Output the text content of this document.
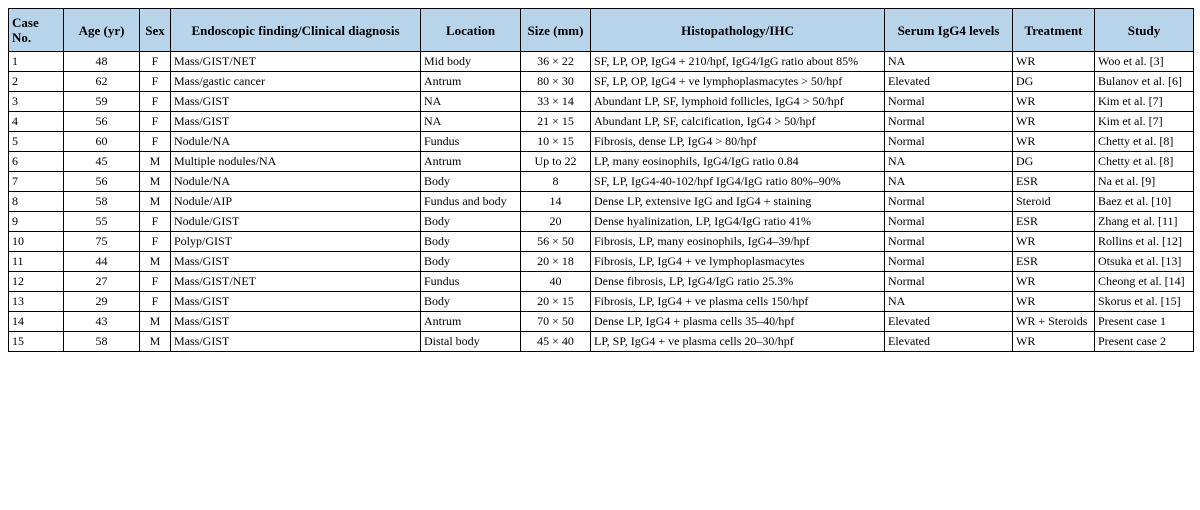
Case No.	Age (yr)	Sex	Endoscopic finding/Clinical diagnosis	Location	Size (mm)	Histopathology/IHC	Serum IgG4 levels	Treatment	Study
1	48	F	Mass/GIST/NET	Mid body	36 × 22	SF, LP, OP, IgG4 + 210/hpf, IgG4/IgG ratio about 85%	NA	WR	Woo et al. [3]
2	62	F	Mass/gastic cancer	Antrum	80 × 30	SF, LP, OP, IgG4 + ve lymphoplasmacytes > 50/hpf	Elevated	DG	Bulanov et al. [6]
3	59	F	Mass/GIST	NA	33 × 14	Abundant LP, SF, lymphoid follicles, IgG4 > 50/hpf	Normal	WR	Kim et al. [7]
4	56	F	Mass/GIST	NA	21 × 15	Abundant LP, SF, calcification, IgG4 > 50/hpf	Normal	WR	Kim et al. [7]
5	60	F	Nodule/NA	Fundus	10 × 15	Fibrosis, dense LP, IgG4 > 80/hpf	Normal	WR	Chetty et al. [8]
6	45	M	Multiple nodules/NA	Antrum	Up to 22	LP, many eosinophils, IgG4/IgG ratio 0.84	NA	DG	Chetty et al. [8]
7	56	M	Nodule/NA	Body	8	SF, LP, IgG4-40-102/hpf IgG4/IgG ratio 80%–90%	NA	ESR	Na et al. [9]
8	58	M	Nodule/AIP	Fundus and body	14	Dense LP, extensive IgG and IgG4 + staining	Normal	Steroid	Baez et al. [10]
9	55	F	Nodule/GIST	Body	20	Dense hyalinization, LP, IgG4/IgG ratio 41%	Normal	ESR	Zhang et al. [11]
10	75	F	Polyp/GIST	Body	56 × 50	Fibrosis, LP, many eosinophils, IgG4–39/hpf	Normal	WR	Rollins et al. [12]
11	44	M	Mass/GIST	Body	20 × 18	Fibrosis, LP, IgG4 + ve lymphoplasmacytes	Normal	ESR	Otsuka et al. [13]
12	27	F	Mass/GIST/NET	Fundus	40	Dense fibrosis, LP, IgG4/IgG ratio 25.3%	Normal	WR	Cheong et al. [14]
13	29	F	Mass/GIST	Body	20 × 15	Fibrosis, LP, IgG4 + ve plasma cells 150/hpf	NA	WR	Skorus et al. [15]
14	43	M	Mass/GIST	Antrum	70 × 50	Dense LP, IgG4 + plasma cells 35–40/hpf	Elevated	WR + Steroids	Present case 1
15	58	M	Mass/GIST	Distal body	45 × 40	LP, SP, IgG4 + ve plasma cells 20–30/hpf	Elevated	WR	Present case 2
